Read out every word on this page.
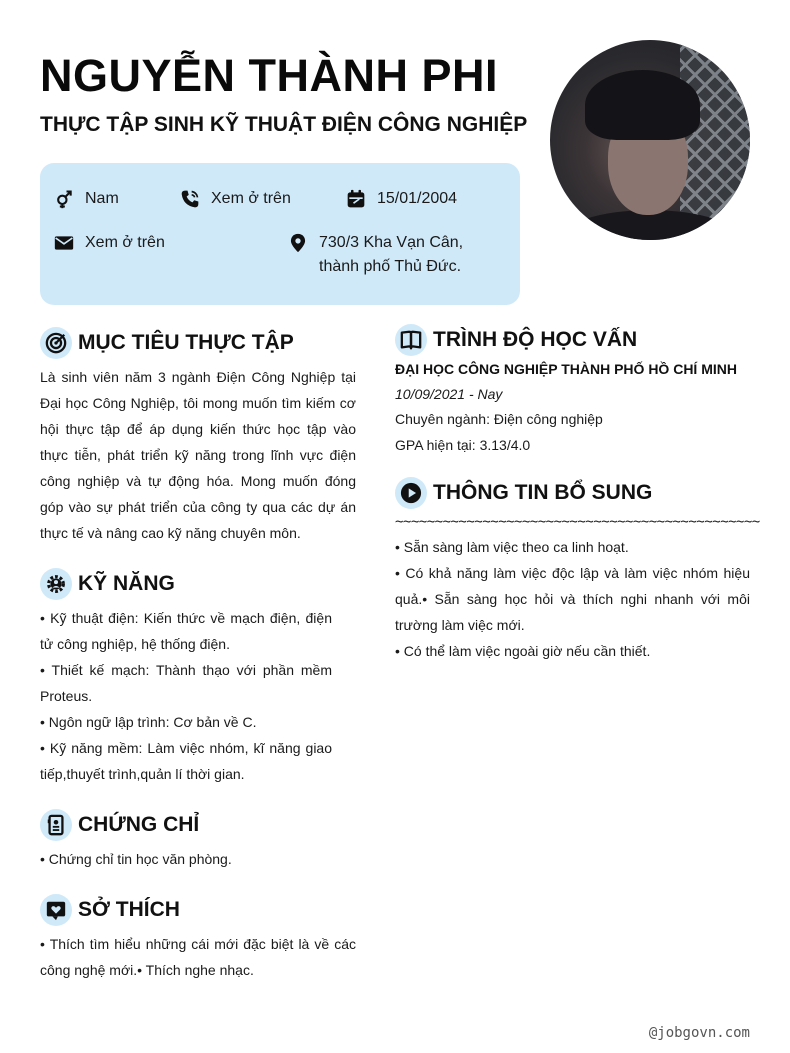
NGUYỄN THÀNH PHI
THỰC TẬP SINH KỸ THUẬT ĐIỆN CÔNG NGHIỆP
Nam	Xem ở trên	15/01/2004
Xem ở trên	730/3 Kha Vạn Cân,
thành phố Thủ Đức.
MỤC TIÊU THỰC TẬP
Là sinh viên năm 3 ngành Điện Công Nghiệp tại Đại học Công Nghiệp, tôi mong muốn tìm kiếm cơ hội thực tập để áp dụng kiến thức học tập vào thực tiễn, phát triển kỹ năng trong lĩnh vực điện công nghiệp và tự động hóa. Mong muốn đóng góp vào sự phát triển của công ty qua các dự án thực tế và nâng cao kỹ năng chuyên môn.
KỸ NĂNG
• Kỹ thuật điện: Kiến thức về mạch điện, điện tử công nghiệp, hệ thống điện.
• Thiết kế mạch: Thành thạo với phần mềm Proteus.
• Ngôn ngữ lập trình: Cơ bản về C.
• Kỹ năng mềm: Làm việc nhóm, kĩ năng giao tiếp,thuyết trình,quản lí thời gian.
CHỨNG CHỈ
• Chứng chỉ tin học văn phòng.
SỞ THÍCH
• Thích tìm hiểu những cái mới đặc biệt là về các công nghệ mới.• Thích nghe nhạc.
TRÌNH ĐỘ HỌC VẤN
ĐẠI HỌC CÔNG NGHIỆP THÀNH PHỐ HỒ CHÍ MINH
10/09/2021 - Nay
Chuyên ngành: Điện công nghiệp
GPA hiện tại: 3.13/4.0
THÔNG TIN BỔ SUNG
~~~~~~~~~~~~~~~~~~~~~~~~~~~~~~~~~~~~~~~~~~~~~~
• Sẵn sàng làm việc theo ca linh hoạt.
• Có khả năng làm việc độc lập và làm việc nhóm hiệu quả.• Sẵn sàng học hỏi và thích nghi nhanh với môi trường làm việc mới.
• Có thể làm việc ngoài giờ nếu cần thiết.
@jobgovn.com
